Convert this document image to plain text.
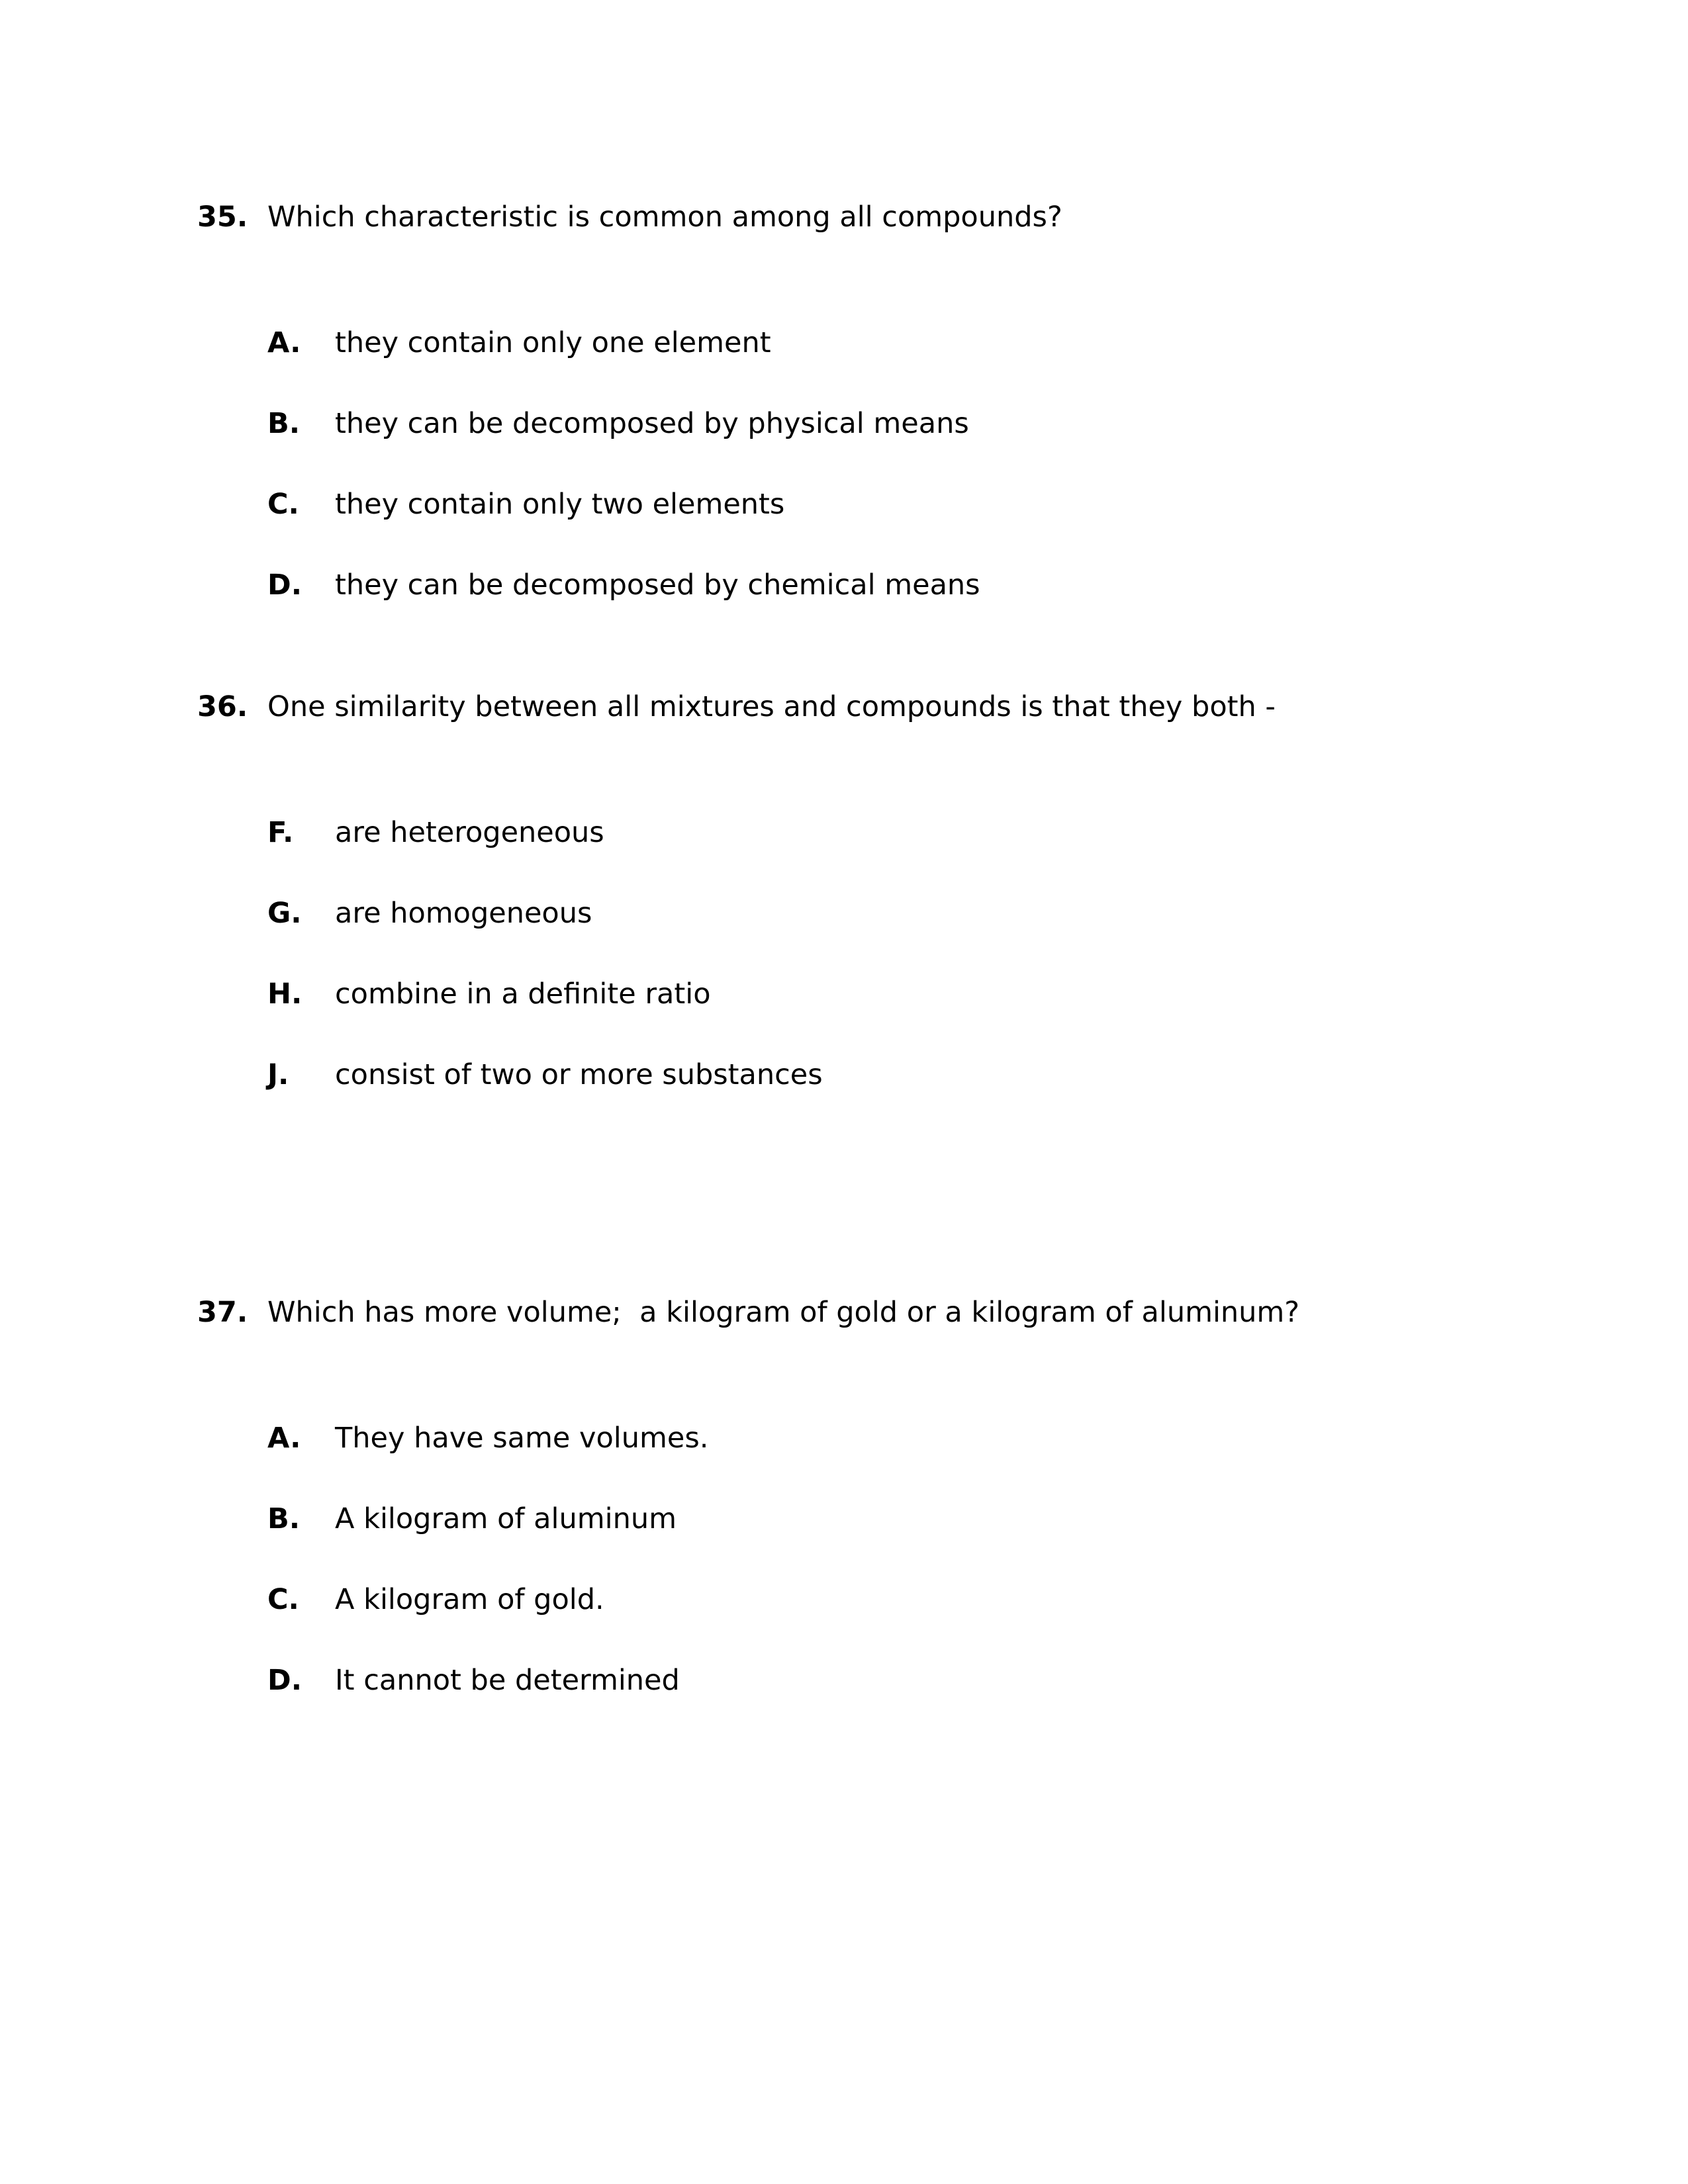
35.

Which characteristic is common among all compounds?

A.

they contain only one element

B.

they can be decomposed by physical means

C.

they contain only two elements

D.

they can be decomposed by chemical means

36.

One similarity between all mixtures and compounds is that they both -

F.

are heterogeneous

G.

are homogeneous

H.

combine in a definite ratio

J.

consist of two or more substances

37.

Which has more volume;  a kilogram of gold or a kilogram of aluminum?

A.

They have same volumes.

B.

A kilogram of aluminum

C.

A kilogram of gold.

D.

It cannot be determined
